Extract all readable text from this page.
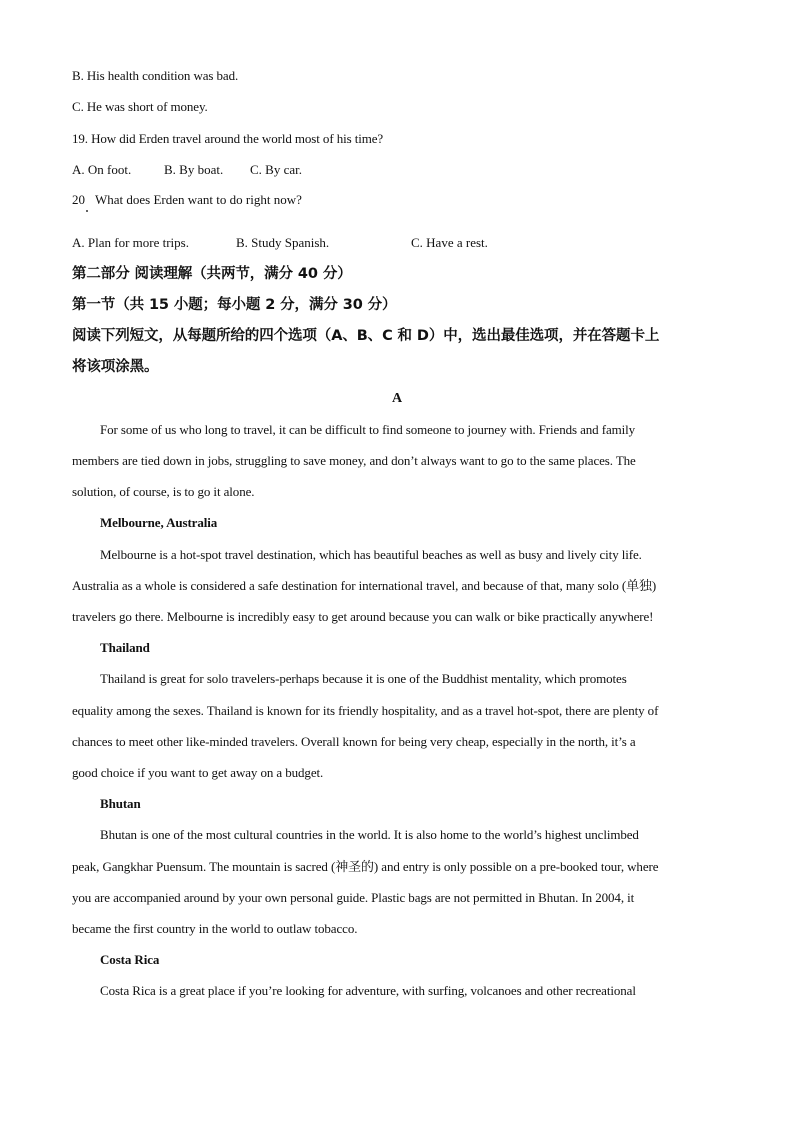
B. His health condition was bad.
C. He was short of money.
19. How did Erden travel around the world most of his time?
A. On foot.	B. By boat. C. By car.
20 What does Erden want to do right now?
A. Plan for more trips.	B. Study Spanish.	C. Have a rest.
第二部分 阅读理解（共两节，满分 40 分）
第一节（共 15 小题；每小题 2 分，满分 30 分）
阅读下列短文，从每题所给的四个选项（A、B、C 和 D）中，选出最佳选项，并在答题卡上
将该项涂黑。
A
For some of us who long to travel, it can be difficult to find someone to journey with. Friends and family
members are tied down in jobs, struggling to save money, and don’t always want to go to the same places. The
solution, of course, is to go it alone.
Melbourne, Australia
Melbourne is a hot-spot travel destination, which has beautiful beaches as well as busy and lively city life.
Australia as a whole is considered a safe destination for international travel, and because of that, many solo (单独)
travelers go there. Melbourne is incredibly easy to get around because you can walk or bike practically anywhere!
Thailand
Thailand is great for solo travelers-perhaps because it is one of the Buddhist mentality, which promotes
equality among the sexes. Thailand is known for its friendly hospitality, and as a travel hot-spot, there are plenty of
chances to meet other like-minded travelers. Overall known for being very cheap, especially in the north, it’s a
good choice if you want to get away on a budget.
Bhutan
Bhutan is one of the most cultural countries in the world. It is also home to the world’s highest unclimbed
peak, Gangkhar Puensum. The mountain is sacred (神圣的) and entry is only possible on a pre-booked tour, where
you are accompanied around by your own personal guide. Plastic bags are not permitted in Bhutan. In 2004, it
became the first country in the world to outlaw tobacco.
Costa Rica
Costa Rica is a great place if you’re looking for adventure, with surfing, volcanoes and other recreational
